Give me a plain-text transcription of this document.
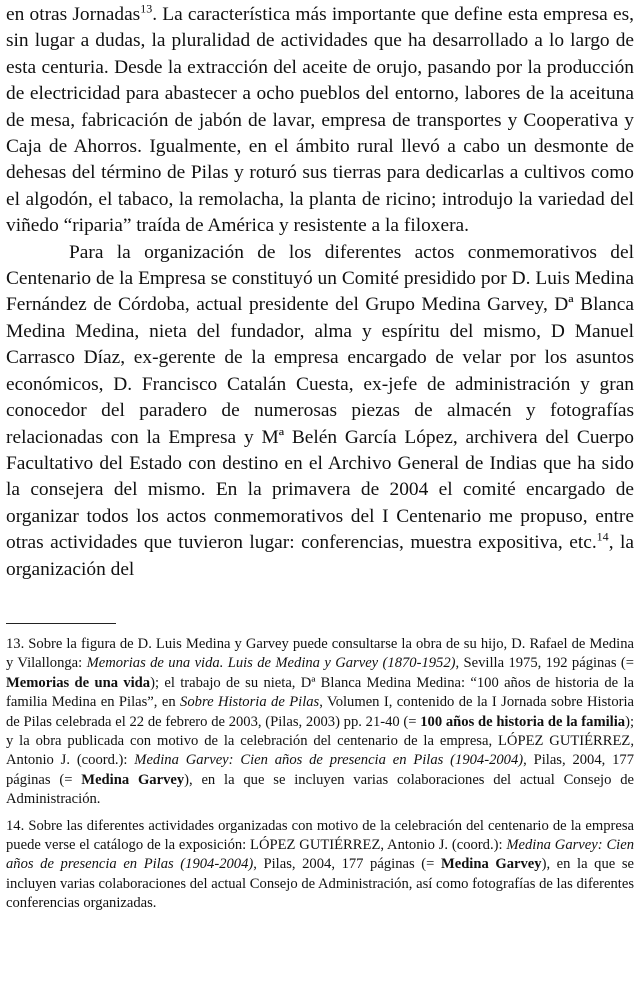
en otras Jornadas$^{13}$. La característica más importante que define esta empresa es, sin lugar a dudas, la pluralidad de actividades que ha desarrollado a lo largo de esta centuria. Desde la extracción del aceite de orujo, pasando por la producción de electricidad para abastecer a ocho pueblos del entorno, labores de la aceituna de mesa, fabricación de jabón de lavar, empresa de transportes y Cooperativa y Caja de Ahorros. Igualmente, en el ámbito rural llevó a cabo un desmonte de dehesas del término de Pilas y roturó sus tierras para dedicarlas a cultivos como el algodón, el tabaco, la remolacha, la planta de ricino; introdujo la variedad del viñedo “riparia” traída de América y resistente a la filoxera.

Para la organización de los diferentes actos conmemorativos del Centenario de la Empresa se constituyó un Comité presidido por D. Luis Medina Fernández de Córdoba, actual presidente del Grupo Medina Garvey, Dª Blanca Medina Medina, nieta del fundador, alma y espíritu del mismo, D Manuel Carrasco Díaz, ex-gerente de la empresa encargado de velar por los asuntos económicos, D. Francisco Catalán Cuesta, ex-jefe de administración y gran conocedor del paradero de numerosas piezas de almacén y fotografías relacionadas con la Empresa y Mª Belén García López, archivera del Cuerpo Facultativo del Estado con destino en el Archivo General de Indias que ha sido la consejera del mismo. En la primavera de 2004 el comité encargado de organizar todos los actos conmemorativos del I Centenario me propuso, entre otras actividades que tuvieron lugar: conferencias, muestra expositiva, etc.$^{14}$, la organización del

13. Sobre la figura de D. Luis Medina y Garvey puede consultarse la obra de su hijo, D. Rafael de Medina y Vilallonga: Memorias de una vida. Luis de Medina y Garvey (1870-1952), Sevilla 1975, 192 páginas (= Memorias de una vida); el trabajo de su nieta, Dª Blanca Medina Medina: “100 años de historia de la familia Medina en Pilas”, en Sobre Historia de Pilas, Volumen I, contenido de la I Jornada sobre Historia de Pilas celebrada el 22 de febrero de 2003, (Pilas, 2003) pp. 21-40 (= 100 años de historia de la familia); y la obra publicada con motivo de la celebración del centenario de la empresa, LÓPEZ GUTIÉRREZ, Antonio J. (coord.): Medina Garvey: Cien años de presencia en Pilas (1904-2004), Pilas, 2004, 177 páginas (= Medina Garvey), en la que se incluyen varias colaboraciones del actual Consejo de Administración.

14. Sobre las diferentes actividades organizadas con motivo de la celebración del centenario de la empresa puede verse el catálogo de la exposición: LÓPEZ GUTIÉRREZ, Antonio J. (coord.): Medina Garvey: Cien años de presencia en Pilas (1904-2004), Pilas, 2004, 177 páginas (= Medina Garvey), en la que se incluyen varias colaboraciones del actual Consejo de Administración, así como fotografías de las diferentes conferencias organizadas.
